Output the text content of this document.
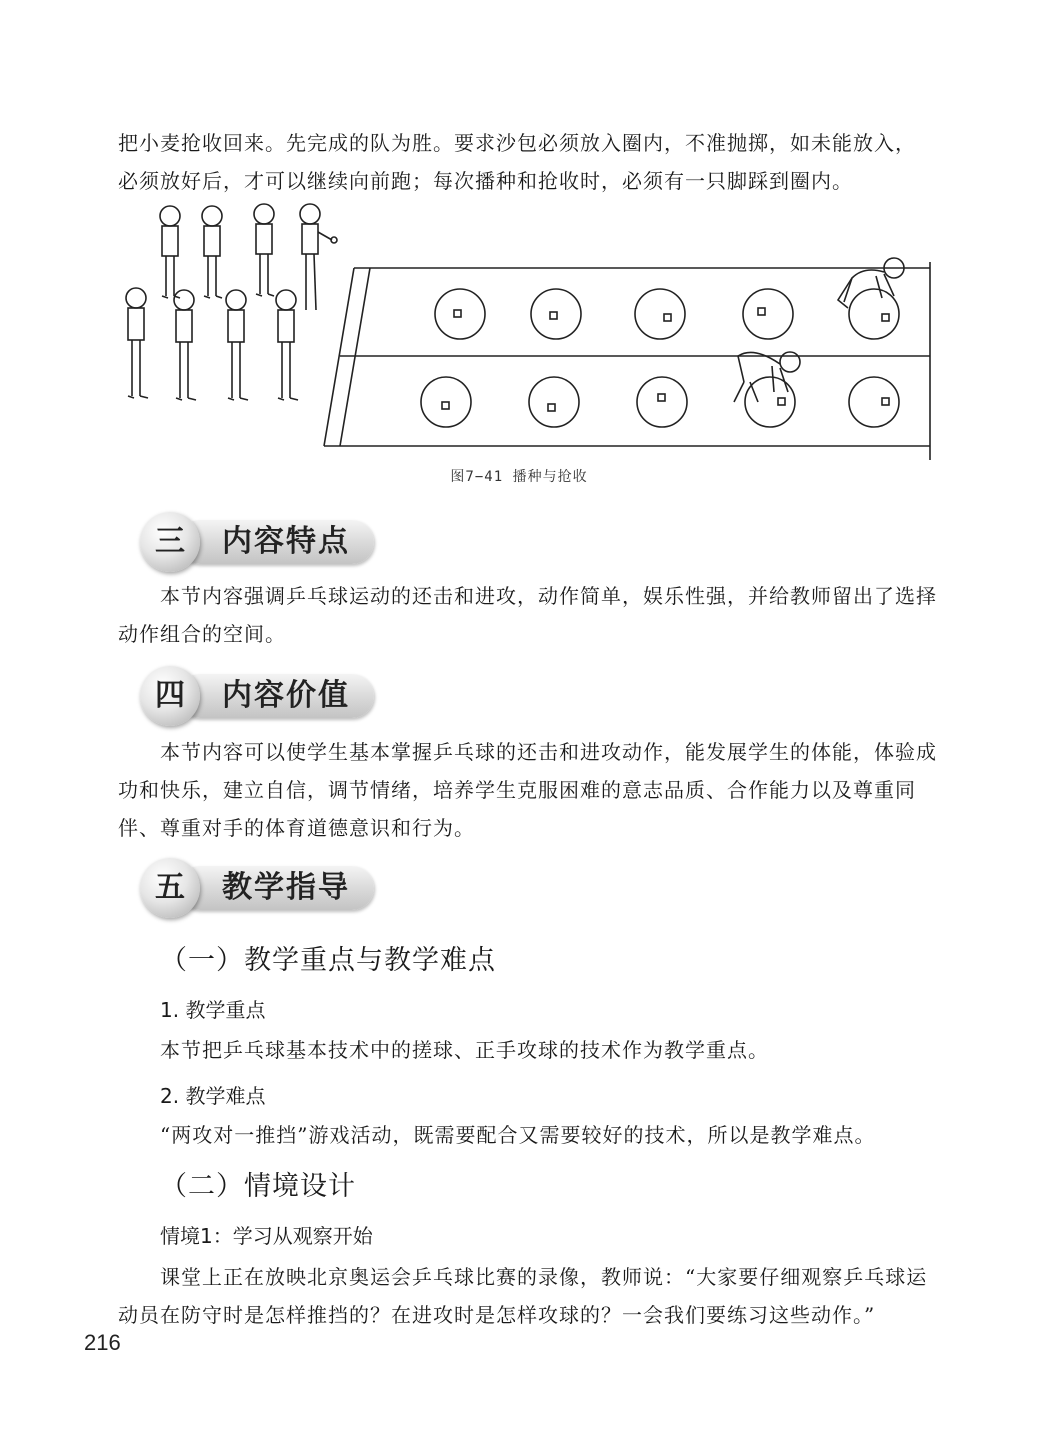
把小麦抢收回来。先完成的队为胜。要求沙包必须放入圈内，不准抛掷，如未能放入，
必须放好后，才可以继续向前跑；每次播种和抢收时，必须有一只脚踩到圈内。
图7−41 播种与抢收
三	内容特点
本节内容强调乒乓球运动的还击和进攻，动作简单，娱乐性强，并给教师留出了选择动作组合的空间。
四	内容价值
本节内容可以使学生基本掌握乒乓球的还击和进攻动作，能发展学生的体能，体验成功和快乐，建立自信，调节情绪，培养学生克服困难的意志品质、合作能力以及尊重同伴、尊重对手的体育道德意识和行为。
五	教学指导
（一）教学重点与教学难点
1. 教学重点
本节把乒乓球基本技术中的搓球、正手攻球的技术作为教学重点。
2. 教学难点
“两攻对一推挡”游戏活动，既需要配合又需要较好的技术，所以是教学难点。
（二）情境设计
情境1：学习从观察开始
课堂上正在放映北京奥运会乒乓球比赛的录像，教师说：“大家要仔细观察乒乓球运动员在防守时是怎样推挡的？在进攻时是怎样攻球的？一会我们要练习这些动作。”
216
